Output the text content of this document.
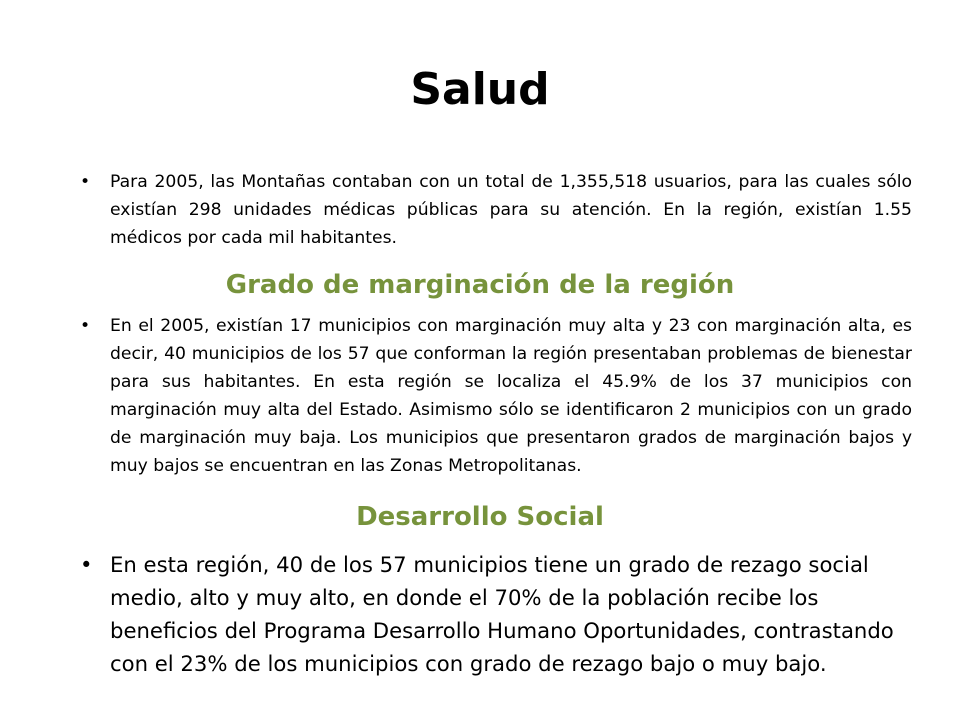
Salud
• Para 2005, las Montañas contaban con un total de 1,355,518 usuarios, para las cuales sólo existían 298 unidades médicas públicas para su atención. En la región, existían 1.55 médicos por cada mil habitantes.
Grado de marginación de la región
• En el 2005, existían 17 municipios con marginación muy alta y 23 con marginación alta, es decir, 40 municipios de los 57 que conforman la región presentaban problemas de bienestar para sus habitantes. En esta región se localiza el 45.9% de los 37 municipios con marginación muy alta del Estado. Asimismo sólo se identificaron 2 municipios con un grado de marginación muy baja. Los municipios que presentaron grados de marginación bajos y muy bajos se encuentran en las Zonas Metropolitanas.
Desarrollo Social
• En esta región, 40 de los 57 municipios tiene un grado de rezago social medio, alto y muy alto, en donde el 70% de la población recibe los beneficios del Programa Desarrollo Humano Oportunidades, contrastando con el 23% de los municipios con grado de rezago bajo o muy bajo.
